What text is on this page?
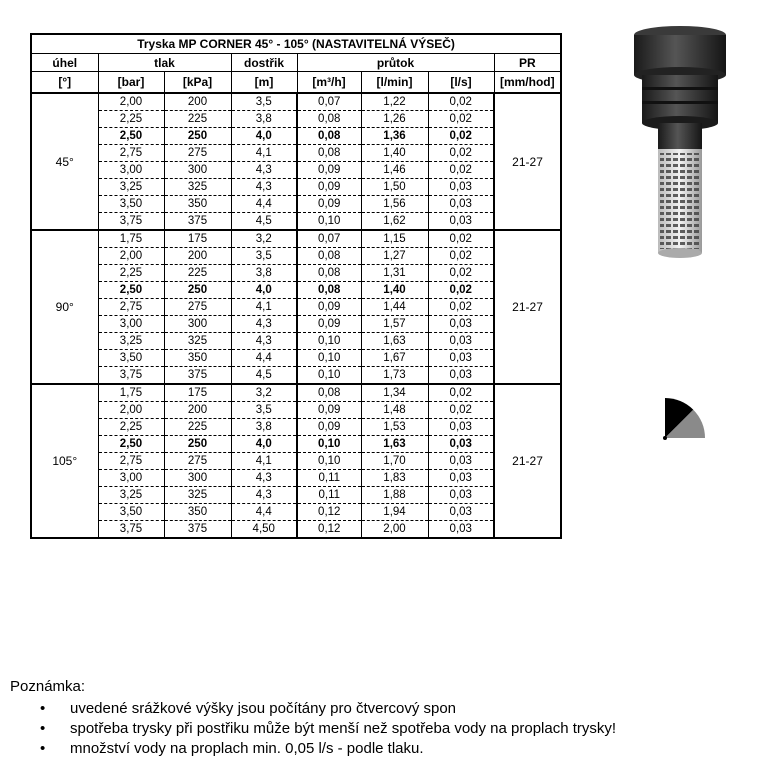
Tryska MP CORNER 45° - 105° (NASTAVITELNÁ VÝSEČ)							
úhel	tlak		dostřik	průtok			PR
[°]	[bar]	[kPa]	[m]	[m³/h]	[l/min]	[l/s]	[mm/hod]
45°	2,00	200	3,5	0,07	1,22	0,02	21-27
	2,25	225	3,8	0,08	1,26	0,02	
	2,50	250	4,0	0,08	1,36	0,02	
	2,75	275	4,1	0,08	1,40	0,02	
	3,00	300	4,3	0,09	1,46	0,02	
	3,25	325	4,3	0,09	1,50	0,03	
	3,50	350	4,4	0,09	1,56	0,03	
	3,75	375	4,5	0,10	1,62	0,03	
90°	1,75	175	3,2	0,07	1,15	0,02	21-27
	2,00	200	3,5	0,08	1,27	0,02	
	2,25	225	3,8	0,08	1,31	0,02	
	2,50	250	4,0	0,08	1,40	0,02	
	2,75	275	4,1	0,09	1,44	0,02	
	3,00	300	4,3	0,09	1,57	0,03	
	3,25	325	4,3	0,10	1,63	0,03	
	3,50	350	4,4	0,10	1,67	0,03	
	3,75	375	4,5	0,10	1,73	0,03	
105°	1,75	175	3,2	0,08	1,34	0,02	21-27
	2,00	200	3,5	0,09	1,48	0,02	
	2,25	225	3,8	0,09	1,53	0,03	
	2,50	250	4,0	0,10	1,63	0,03	
	2,75	275	4,1	0,10	1,70	0,03	
	3,00	300	4,3	0,11	1,83	0,03	
	3,25	325	4,3	0,11	1,88	0,03	
	3,50	350	4,4	0,12	1,94	0,03	
	3,75	375	4,50	0,12	2,00	0,03	
Poznámka:
• uvedené srážkové výšky jsou počítány pro čtvercový spon
• spotřeba trysky při postřiku může být menší než spotřeba vody na proplach trysky!
• množství vody na proplach min. 0,05 l/s - podle tlaku.
